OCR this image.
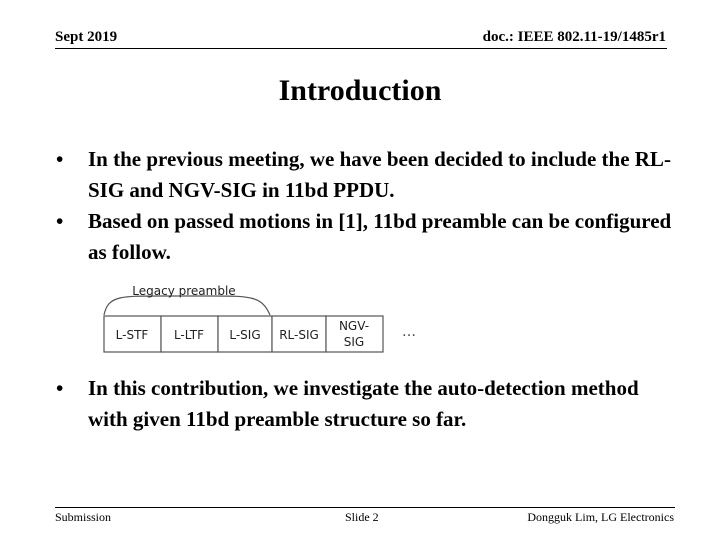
Sept 2019	doc.: IEEE 802.11-19/1485r1
Introduction
• In the previous meeting, we have been decided to include the RL-SIG and NGV-SIG in 11bd PPDU.
• Based on passed motions in [1], 11bd preamble can be configured as follow.
Legacy preamble
L-STF L-LTF L-SIG RL-SIG
NGV-
SIG
…
• In this contribution, we investigate the auto-detection method with given 11bd preamble structure so far.
Submission	Slide 2	Dongguk Lim, LG Electronics
